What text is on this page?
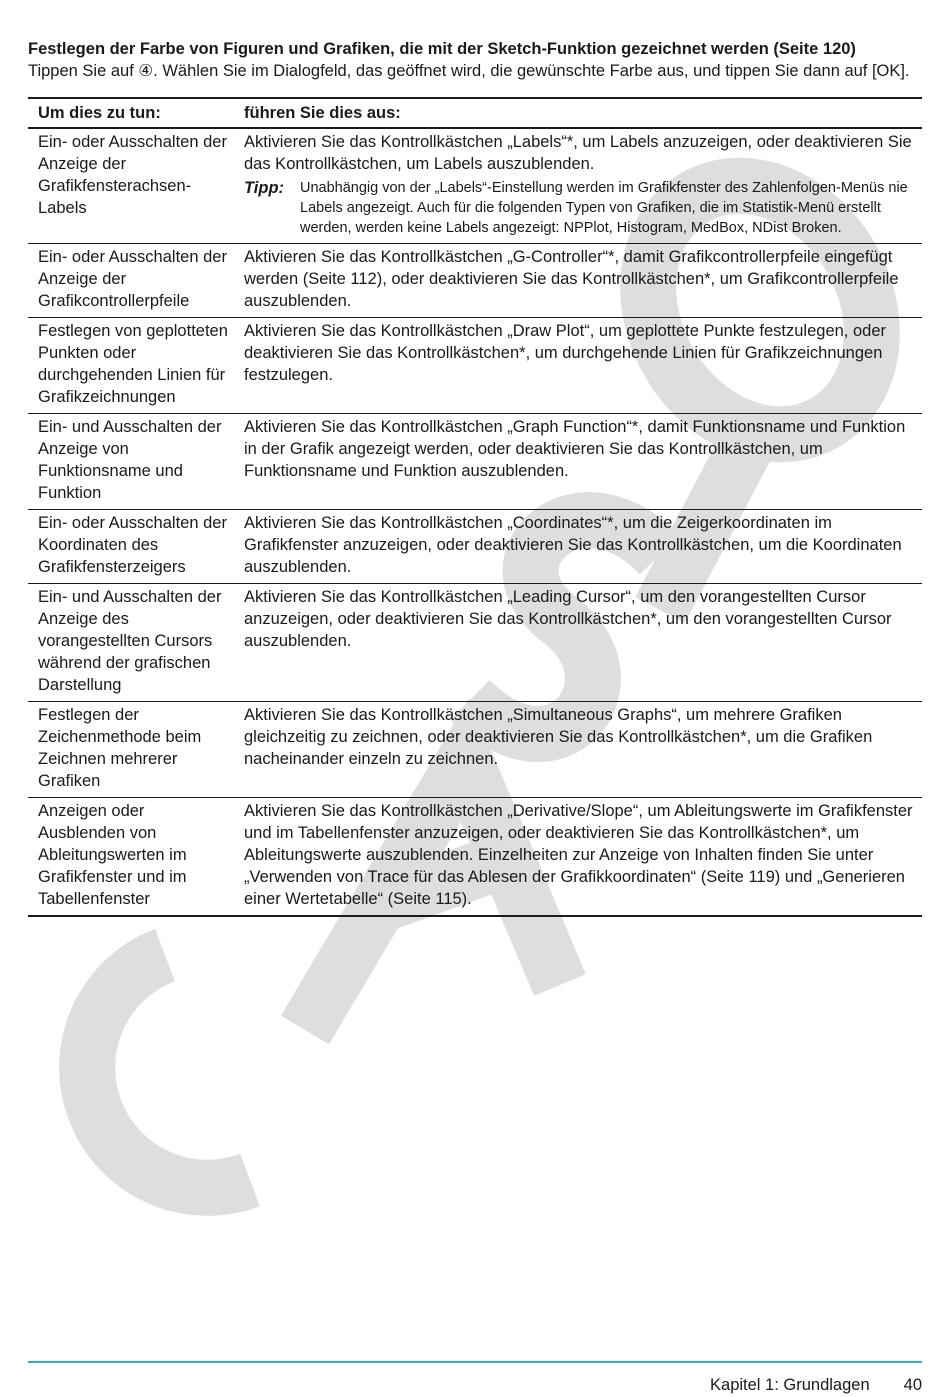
Festlegen der Farbe von Figuren und Grafiken, die mit der Sketch-Funktion gezeichnet werden (Seite 120)
Tippen Sie auf ④. Wählen Sie im Dialogfeld, das geöffnet wird, die gewünschte Farbe aus, und tippen Sie dann auf [OK].
Um dies zu tun:	führen Sie dies aus:
Ein- oder Ausschalten der Anzeige der Grafikfensterachsen-Labels	Aktivieren Sie das Kontrollkästchen „Labels“*, um Labels anzuzeigen, oder deaktivieren Sie das Kontrollkästchen, um Labels auszublenden.
Tipp: Unabhängig von der „Labels“-Einstellung werden im Grafikfenster des Zahlenfolgen-Menüs nie Labels angezeigt. Auch für die folgenden Typen von Grafiken, die im Statistik-Menü erstellt werden, werden keine Labels angezeigt: NPPlot, Histogram, MedBox, NDist Broken.

Ein- oder Ausschalten der Anzeige der Grafikcontrollerpfeile	Aktivieren Sie das Kontrollkästchen „G-Controller“*, damit Grafikcontrollerpfeile eingefügt werden (Seite 112), oder deaktivieren Sie das Kontrollkästchen*, um Grafikcontrollerpfeile auszublenden.
Festlegen von geplotteten Punkten oder durchgehenden Linien für Grafikzeichnungen	Aktivieren Sie das Kontrollkästchen „Draw Plot“, um geplottete Punkte festzulegen, oder deaktivieren Sie das Kontrollkästchen*, um durchgehende Linien für Grafikzeichnungen festzulegen.
Ein- und Ausschalten der Anzeige von Funktionsname und Funktion	Aktivieren Sie das Kontrollkästchen „Graph Function“*, damit Funktionsname und Funktion in der Grafik angezeigt werden, oder deaktivieren Sie das Kontrollkästchen, um Funktionsname und Funktion auszublenden.
Ein- oder Ausschalten der Koordinaten des Grafikfensterzeigers	Aktivieren Sie das Kontrollkästchen „Coordinates“*, um die Zeigerkoordinaten im Grafikfenster anzuzeigen, oder deaktivieren Sie das Kontrollkästchen, um die Koordinaten auszublenden.
Ein- und Ausschalten der Anzeige des vorangestellten Cursors während der grafischen Darstellung	Aktivieren Sie das Kontrollkästchen „Leading Cursor“, um den vorangestellten Cursor anzuzeigen, oder deaktivieren Sie das Kontrollkästchen*, um den vorangestellten Cursor auszublenden.
Festlegen der Zeichenmethode beim Zeichnen mehrerer Grafiken	Aktivieren Sie das Kontrollkästchen „Simultaneous Graphs“, um mehrere Grafiken gleichzeitig zu zeichnen, oder deaktivieren Sie das Kontrollkästchen*, um die Grafiken nacheinander einzeln zu zeichnen.
Anzeigen oder Ausblenden von Ableitungswerten im Grafikfenster und im Tabellenfenster	Aktivieren Sie das Kontrollkästchen „Derivative/Slope“, um Ableitungswerte im Grafikfenster und im Tabellenfenster anzuzeigen, oder deaktivieren Sie das Kontrollkästchen*, um Ableitungswerte auszublenden. Einzelheiten zur Anzeige von Inhalten finden Sie unter „Verwenden von Trace für das Ablesen der Grafikkoordinaten“ (Seite 119) und „Generieren einer Wertetabelle“ (Seite 115).
Kapitel 1: Grundlagen 40
